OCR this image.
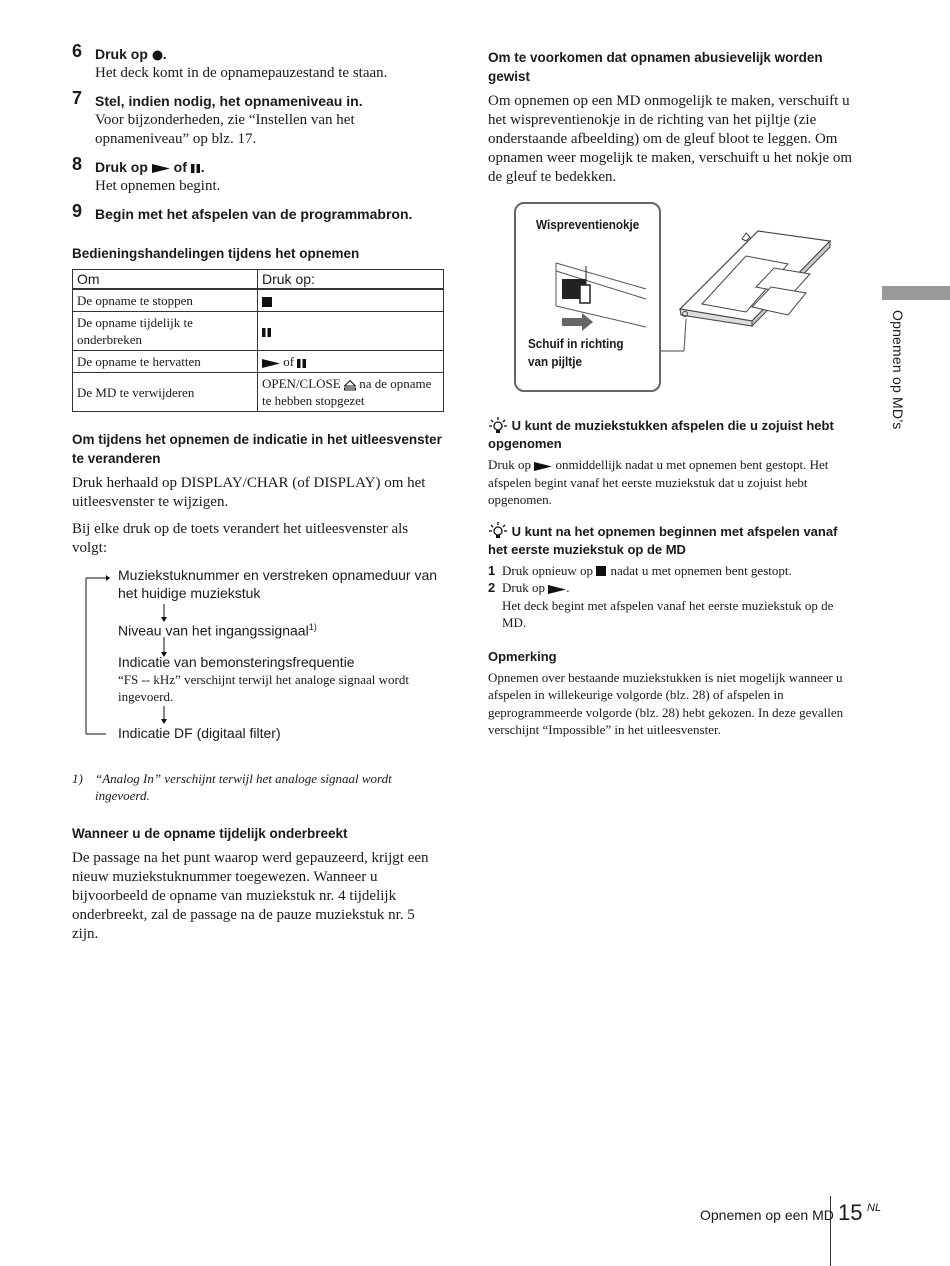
6 Druk op .
Het deck komt in de opnamepauzestand te staan.
7 Stel, indien nodig, het opnameniveau in.
Voor bijzonderheden, zie “Instellen van het opnameniveau” op blz. 17.
8 Druk op of .
Het opnemen begint.
9 Begin met het afspelen van de programmabron.
Bedieningshandelingen tijdens het opnemen
Om	Druk op:
De opname te stoppen	
De opname tijdelijk te onderbreken	
De opname te hervatten	of
De MD te verwijderen	OPEN/CLOSE na de opname te hebben stopgezet
Om tijdens het opnemen de indicatie in het uitleesvenster te veranderen

Druk herhaald op DISPLAY/CHAR (of DISPLAY) om het uitleesvenster te wijzigen.

Bij elke druk op de toets verandert het uitleesvenster als volgt:

Muziekstuknummer en verstreken opnameduur van het huidige muziekstuk
Niveau van het ingangssignaal$^{1)}$
Indicatie van bemonsteringsfrequentie
“FS -- kHz” verschijnt terwijl het analoge signaal wordt ingevoerd.
Indicatie DF (digitaal filter)
1) “Analog In” verschijnt terwijl het analoge signaal wordt ingevoerd.
Wanneer u de opname tijdelijk onderbreekt

De passage na het punt waarop werd gepauzeerd, krijgt een nieuw muziekstuknummer toegewezen. Wanneer u bijvoorbeeld de opname van muziekstuk nr. 4 tijdelijk onderbreekt, zal de passage na de pauze muziekstuk nr. 5 zijn.

Om te voorkomen dat opnamen abusievelijk worden gewist

Om opnemen op een MD onmogelijk te maken, verschuift u het wispreventienokje in de richting van het pijltje (zie onderstaande afbeelding) om de gleuf bloot te leggen. Om opnamen weer mogelijk te maken, verschuift u het nokje om de gleuf te bedekken.

Wispreventienokje
Schuif in richting van pijltje
U kunt de muziekstukken afspelen die u zojuist hebt opgenomen

Druk op onmiddellijk nadat u met opnemen bent gestopt. Het afspelen begint vanaf het eerste muziekstuk dat u zojuist hebt opgenomen.

U kunt na het opnemen beginnen met afspelen vanaf het eerste muziekstuk op de MD
1 Druk opnieuw op nadat u met opnemen bent gestopt.
2 Druk op .
Het deck begint met afspelen vanaf het eerste muziekstuk op de MD.
Opmerking

Opnemen over bestaande muziekstukken is niet mogelijk wanneer u afspelen in willekeurige volgorde (blz. 28) of afspelen in geprogrammeerde volgorde (blz. 28) hebt gekozen. In deze gevallen verschijnt “Impossible” in het uitleesvenster.

Opnemen op MD’s
Opnemen op een MD 15 NL
